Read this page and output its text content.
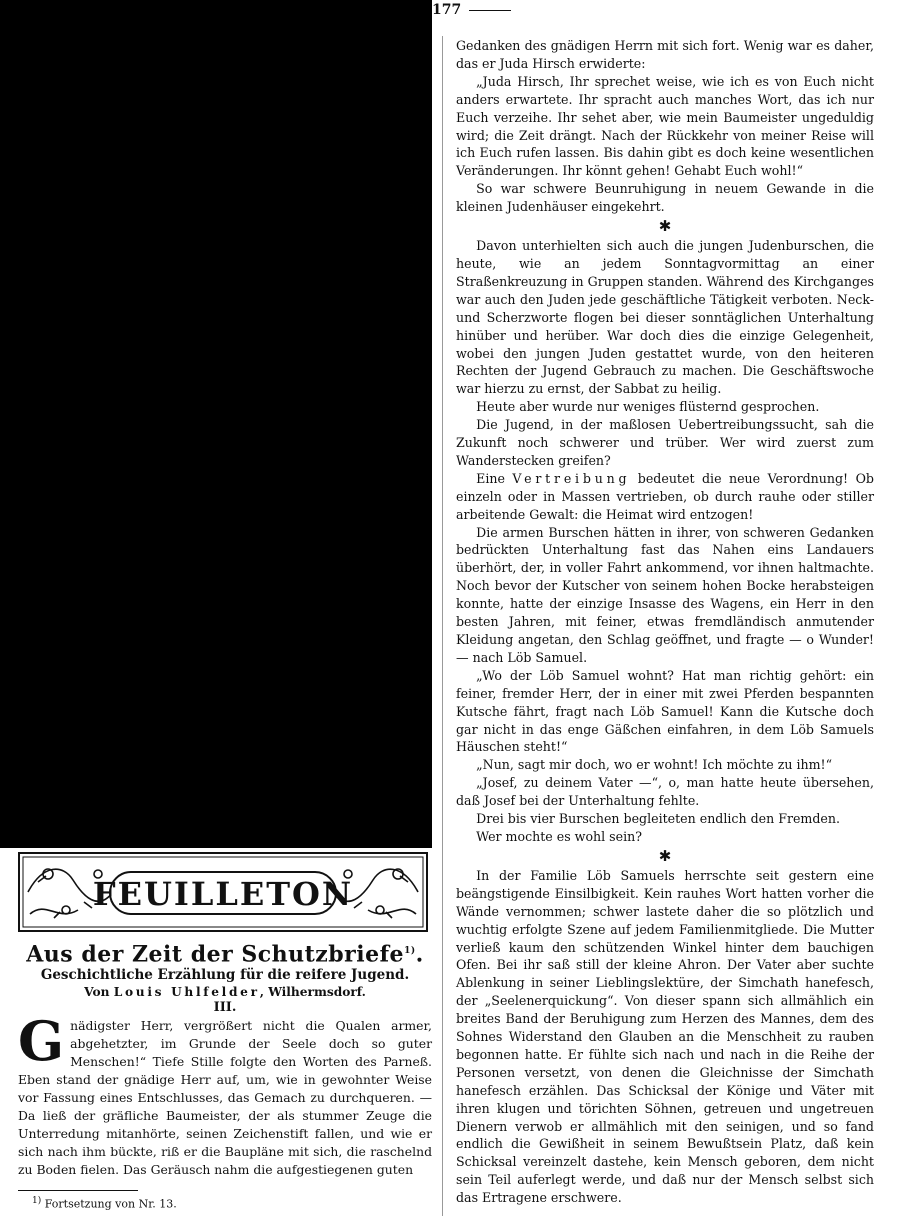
177
FEUILLETON
Aus der Zeit der Schutzbriefe$^{1)}$.
Geschichtliche Erzählung für die reifere Jugend.
Von Louis Uhlfelder, Wilhermsdorf.
III.
Gnädigster Herr, vergrößert nicht die Qualen armer, abgehetzter, im Grunde der Seele doch so guter Menschen!“ Tiefe Stille folgte den Worten des Parneß. Eben stand der gnädige Herr auf, um, wie in gewohnter Weise vor Fassung eines Entschlusses, das Gemach zu durchqueren. — Da ließ der gräfliche Baumeister, der als stummer Zeuge die Unterredung mitanhörte, seinen Zeichenstift fallen, und wie er sich nach ihm bückte, riß er die Baupläne mit sich, die raschelnd zu Boden fielen. Das Geräusch nahm die aufgestiegenen guten
$^{1)}$ Fortsetzung von Nr. 13.

Gedanken des gnädigen Herrn mit sich fort. Wenig war es daher, das er Juda Hirsch erwiderte:

„Juda Hirsch, Ihr sprechet weise, wie ich es von Euch nicht anders erwartete. Ihr spracht auch manches Wort, das ich nur Euch verzeihe. Ihr sehet aber, wie mein Baumeister ungeduldig wird; die Zeit drängt. Nach der Rückkehr von meiner Reise will ich Euch rufen lassen. Bis dahin gibt es doch keine wesentlichen Veränderungen. Ihr könnt gehen! Gehabt Euch wohl!“

So war schwere Beunruhigung in neuem Gewande in die kleinen Judenhäuser eingekehrt.

✱

Davon unterhielten sich auch die jungen Judenburschen, die heute, wie an jedem Sonntagvormittag an einer Straßenkreuzung in Gruppen standen. Während des Kirchganges war auch den Juden jede geschäftliche Tätigkeit verboten. Neck- und Scherzworte flogen bei dieser sonntäglichen Unterhaltung hinüber und herüber. War doch dies die einzige Gelegenheit, wobei den jungen Juden gestattet wurde, von den heiteren Rechten der Jugend Gebrauch zu machen. Die Geschäftswoche war hierzu zu ernst, der Sabbat zu heilig.

Heute aber wurde nur weniges flüsternd gesprochen.

Die Jugend, in der maßlosen Uebertreibungssucht, sah die Zukunft noch schwerer und trüber. Wer wird zuerst zum Wanderstecken greifen?

Eine Vertreibung bedeutet die neue Verordnung! Ob einzeln oder in Massen vertrieben, ob durch rauhe oder stiller arbeitende Gewalt: die Heimat wird entzogen!

Die armen Burschen hätten in ihrer, von schweren Gedanken bedrückten Unterhaltung fast das Nahen eins Landauers überhört, der, in voller Fahrt ankommend, vor ihnen haltmachte. Noch bevor der Kutscher von seinem hohen Bocke herabsteigen konnte, hatte der einzige Insasse des Wagens, ein Herr in den besten Jahren, mit feiner, etwas fremdländisch anmutender Kleidung angetan, den Schlag geöffnet, und fragte — o Wunder! — nach Löb Samuel.

„Wo der Löb Samuel wohnt? Hat man richtig gehört: ein feiner, fremder Herr, der in einer mit zwei Pferden bespannten Kutsche fährt, fragt nach Löb Samuel! Kann die Kutsche doch gar nicht in das enge Gäßchen einfahren, in dem Löb Samuels Häuschen steht!“

„Nun, sagt mir doch, wo er wohnt! Ich möchte zu ihm!“

„Josef, zu deinem Vater —“, o, man hatte heute übersehen, daß Josef bei der Unterhaltung fehlte.

Drei bis vier Burschen begleiteten endlich den Fremden.

Wer mochte es wohl sein?

✱

In der Familie Löb Samuels herrschte seit gestern eine beängstigende Einsilbigkeit. Kein rauhes Wort hatten vorher die Wände vernommen; schwer lastete daher die so plötzlich und wuchtig erfolgte Szene auf jedem Familienmitgliede. Die Mutter verließ kaum den schützenden Winkel hinter dem bauchigen Ofen. Bei ihr saß still der kleine Ahron. Der Vater aber suchte Ablenkung in seiner Lieblingslektüre, der Simchath hanefesch, der „Seelenerquickung“. Von dieser spann sich allmählich ein breites Band der Beruhigung zum Herzen des Mannes, dem des Sohnes Widerstand den Glauben an die Menschheit zu rauben begonnen hatte. Er fühlte sich nach und nach in die Reihe der Personen versetzt, von denen die Gleichnisse der Simchath hanefesch erzählen. Das Schicksal der Könige und Väter mit ihren klugen und törichten Söhnen, getreuen und ungetreuen Dienern verwob er allmählich mit den seinigen, und so fand endlich die Gewißheit in seinem Bewußtsein Platz, daß kein Schicksal vereinzelt dastehe, kein Mensch geboren, dem nicht sein Teil auferlegt werde, und daß nur der Mensch selbst sich das Ertragene erschwere.
